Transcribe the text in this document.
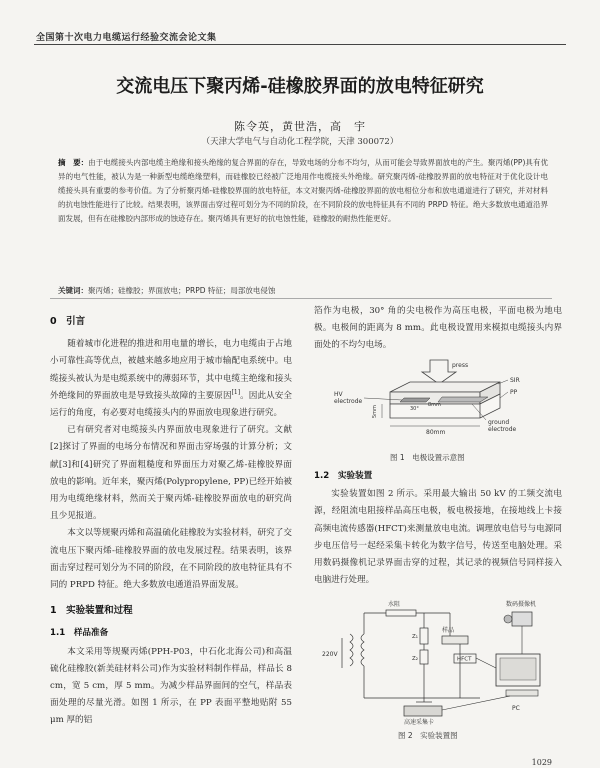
全国第十次电力电缆运行经验交流会论文集
交流电压下聚丙烯-硅橡胶界面的放电特征研究
陈令英，黄世浩，高　宇
（天津大学电气与自动化工程学院，天津 300072）
摘　要：由于电缆接头内部电缆主绝缘和接头绝缘的复合界面的存在，导致电场的分布不均匀，从而可能会导致界面放电的产生。聚丙烯(PP)具有优异的电气性能，被认为是一种新型电缆绝缘塑料，而硅橡胶已经被广泛地用作电缆接头外绝缘。研究聚丙烯-硅橡胶界面的放电特征对于优化设计电缆接头具有重要的参考价值。为了分析聚丙烯-硅橡胶界面的放电特征，本文对聚丙烯-硅橡胶界面的放电相位分布和放电通道进行了研究，并对材料的抗电蚀性能进行了比较。结果表明，该界面击穿过程可划分为不同的阶段，在不同阶段的放电特征具有不同的 PRPD 特征。绝大多数放电通道沿界面发展，但有在硅橡胶内部形成的蚀迹存在。聚丙烯具有更好的抗电蚀性能，硅橡胶的耐热性能更好。
关键词：聚丙烯；硅橡胶；界面放电；PRPD 特征；局部放电侵蚀
0　引言

随着城市化进程的推进和用电量的增长，电力电缆由于占地小可靠性高等优点，被越来越多地应用于城市输配电系统中。电缆接头被认为是电缆系统中的薄弱环节，其中电缆主绝缘和接头外绝缘间的界面放电是导致接头故障的主要原因[1]。因此从安全运行的角度，有必要对电缆接头内的界面放电现象进行研究。

已有研究者对电缆接头内界面放电现象进行了研究。文献[2]探讨了界面的电场分布情况和界面击穿场强的计算分析；文献[3]和[4]研究了界面粗糙度和界面压力对聚乙烯-硅橡胶界面放电的影响。近年来，聚丙烯(Polypropylene, PP)已经开始被用为电缆绝缘材料，然而关于聚丙烯-硅橡胶界面放电的研究尚且少见报道。

本文以等规聚丙烯和高温硫化硅橡胶为实验材料，研究了交流电压下聚丙烯-硅橡胶界面的放电发展过程。结果表明，该界面击穿过程可划分为不同的阶段，在不同阶段的放电特征具有不同的 PRPD 特征。绝大多数放电通道沿界面发展。

1　实验装置和过程
1.1　样品准备

本文采用等规聚丙烯(PPH-P03，中石化北海公司)和高温硫化硅橡胶(新美硅材料公司)作为实验材料制作样品，样品长 8 cm，宽 5 cm，厚 5 mm。为减少样品界面间的空气，样品表面处理的尽量光滑。如图 1 所示，在 PP 表面平整地贴附 55 μm 厚的铝

箔作为电极，30° 角的尖电极作为高压电极，平面电极为地电极。电极间的距离为 8 mm。此电极设置用来模拟电缆接头内界面处的不均匀电场。

press
HV electrode
SIR
PP
30°
8mm
80mm
5mm
ground electrode
图 1　电极设置示意图
1.2　实验装置

实验装置如图 2 所示。采用最大输出 50 kV 的工频交流电源，经阻流电阻接样品高压电极，板电极接地，在接地线上卡接高频电流传感器(HFCT)来测量放电电流。调理放电信号与电源同步电压信号一起经采集卡转化为数字信号，传送至电脑处理。采用数码摄像机记录界面击穿的过程，其记录的视频信号同样接入电脑进行处理。

水阻	数码摄像机
220V
Z₁
Z₂
样品
HFCT
高速采集卡
PC
图 2　实验装置图
1029
